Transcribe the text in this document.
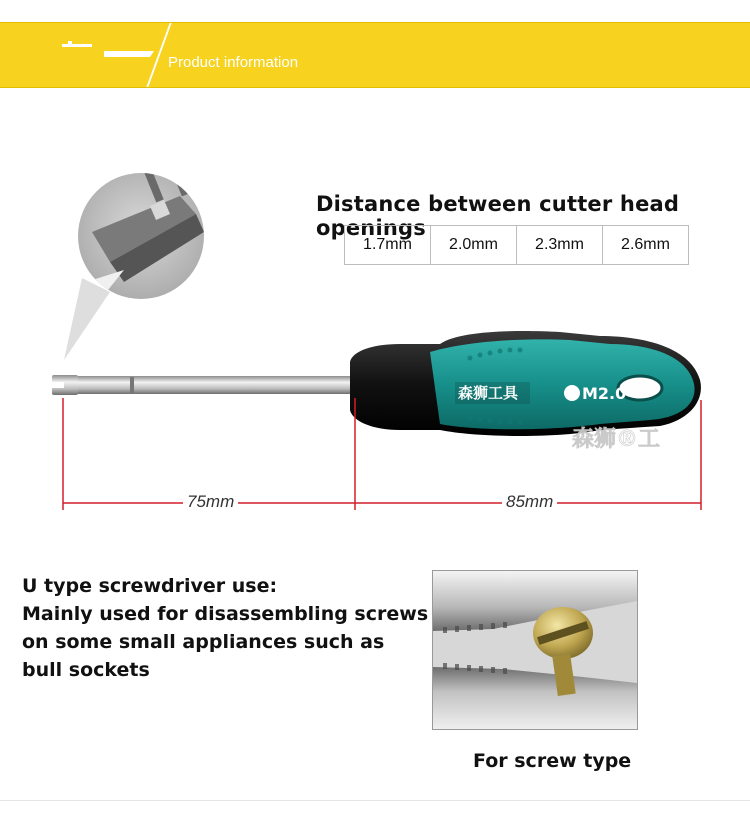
Product information
Distance between cutter head openings
1.7mm	2.0mm	2.3mm	2.6mm
森狮工具	M2.0
森狮®工
75mm	85mm
U type screwdriver use:
Mainly used for disassembling screws
on some small appliances such as
bull sockets
For screw type
